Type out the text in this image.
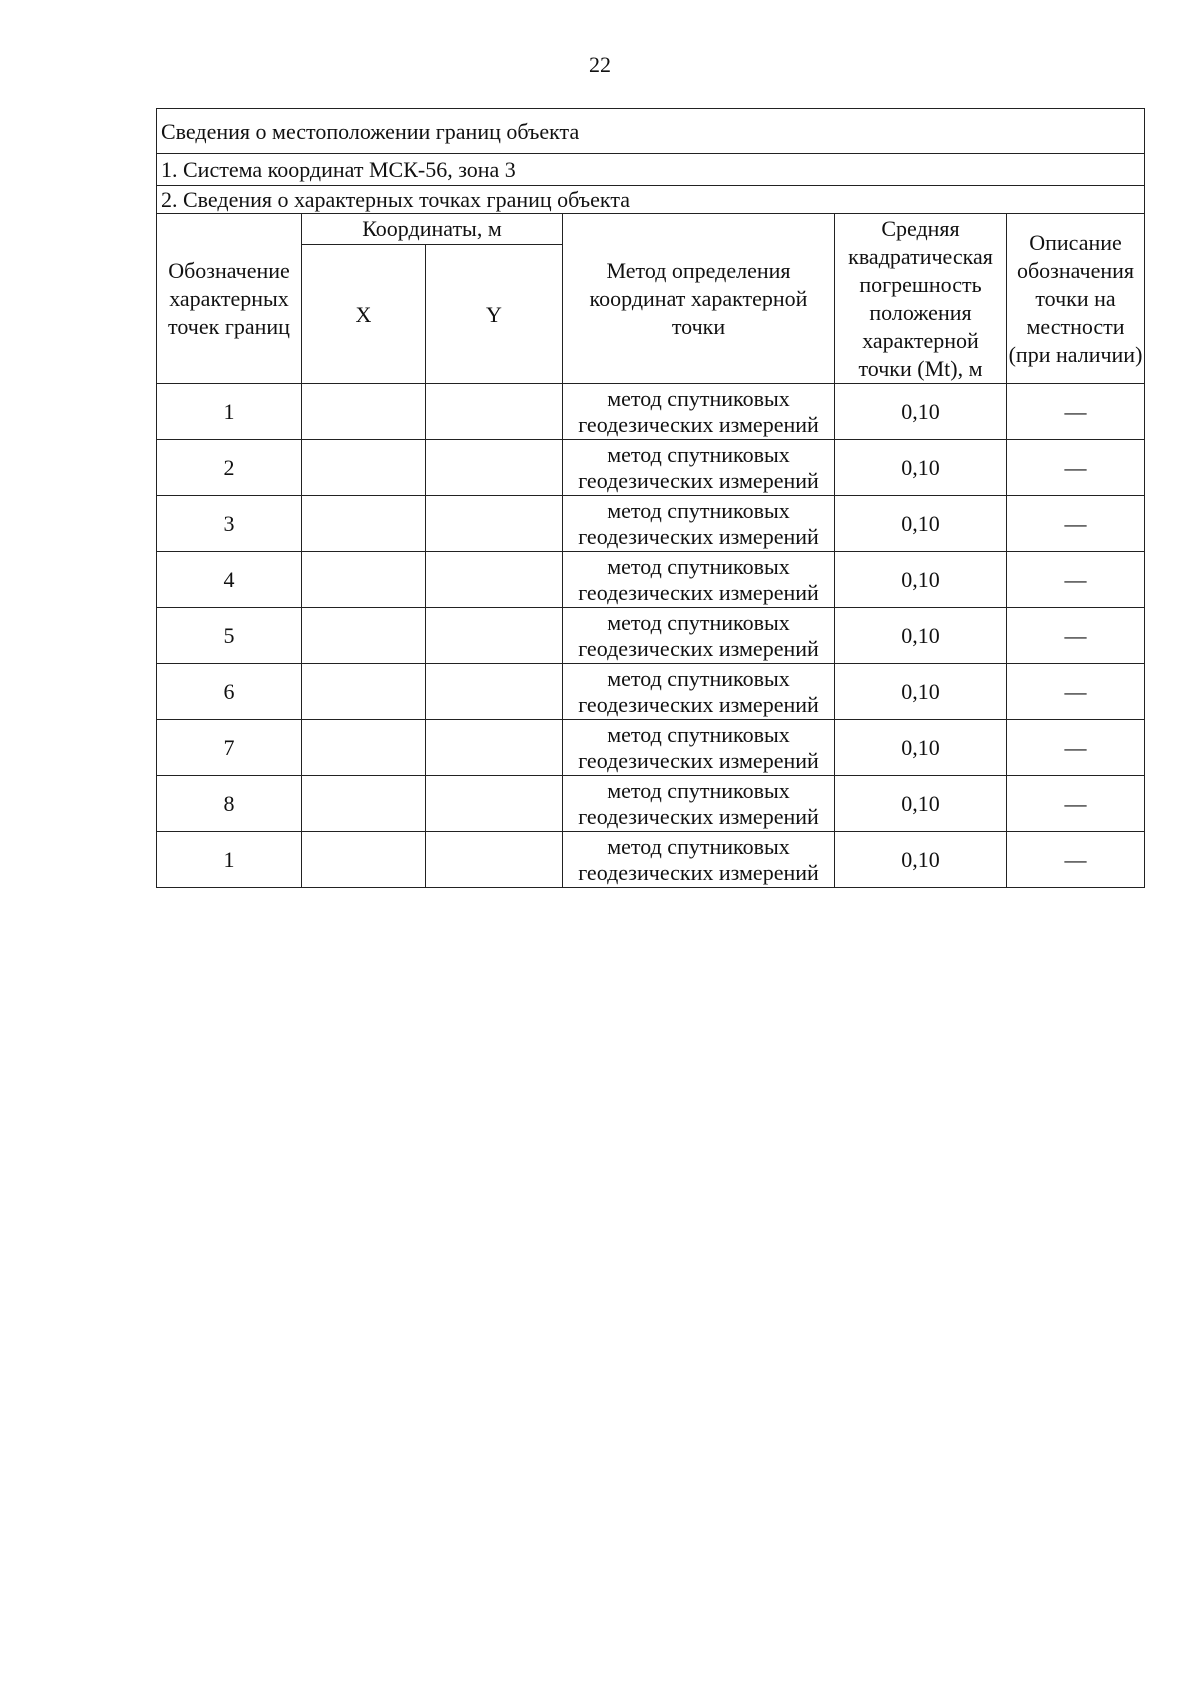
22
Сведения о местоположении границ объекта					
1. Система координат МСК-56, зона 3					
2. Сведения о характерных точках границ объекта					
Обозначение характерных точек границ	Координаты, м		Метод определения координат характерной точки	Средняя квадратическая погрешность положения характерной точки (Mt), м	Описание обозначения точки на местности (при наличии)
	X	Y			
1			метод спутниковых геодезических измерений	0,10	—
2			метод спутниковых геодезических измерений	0,10	—
3			метод спутниковых геодезических измерений	0,10	—
4			метод спутниковых геодезических измерений	0,10	—
5			метод спутниковых геодезических измерений	0,10	—
6			метод спутниковых геодезических измерений	0,10	—
7			метод спутниковых геодезических измерений	0,10	—
8			метод спутниковых геодезических измерений	0,10	—
1			метод спутниковых геодезических измерений	0,10	—
